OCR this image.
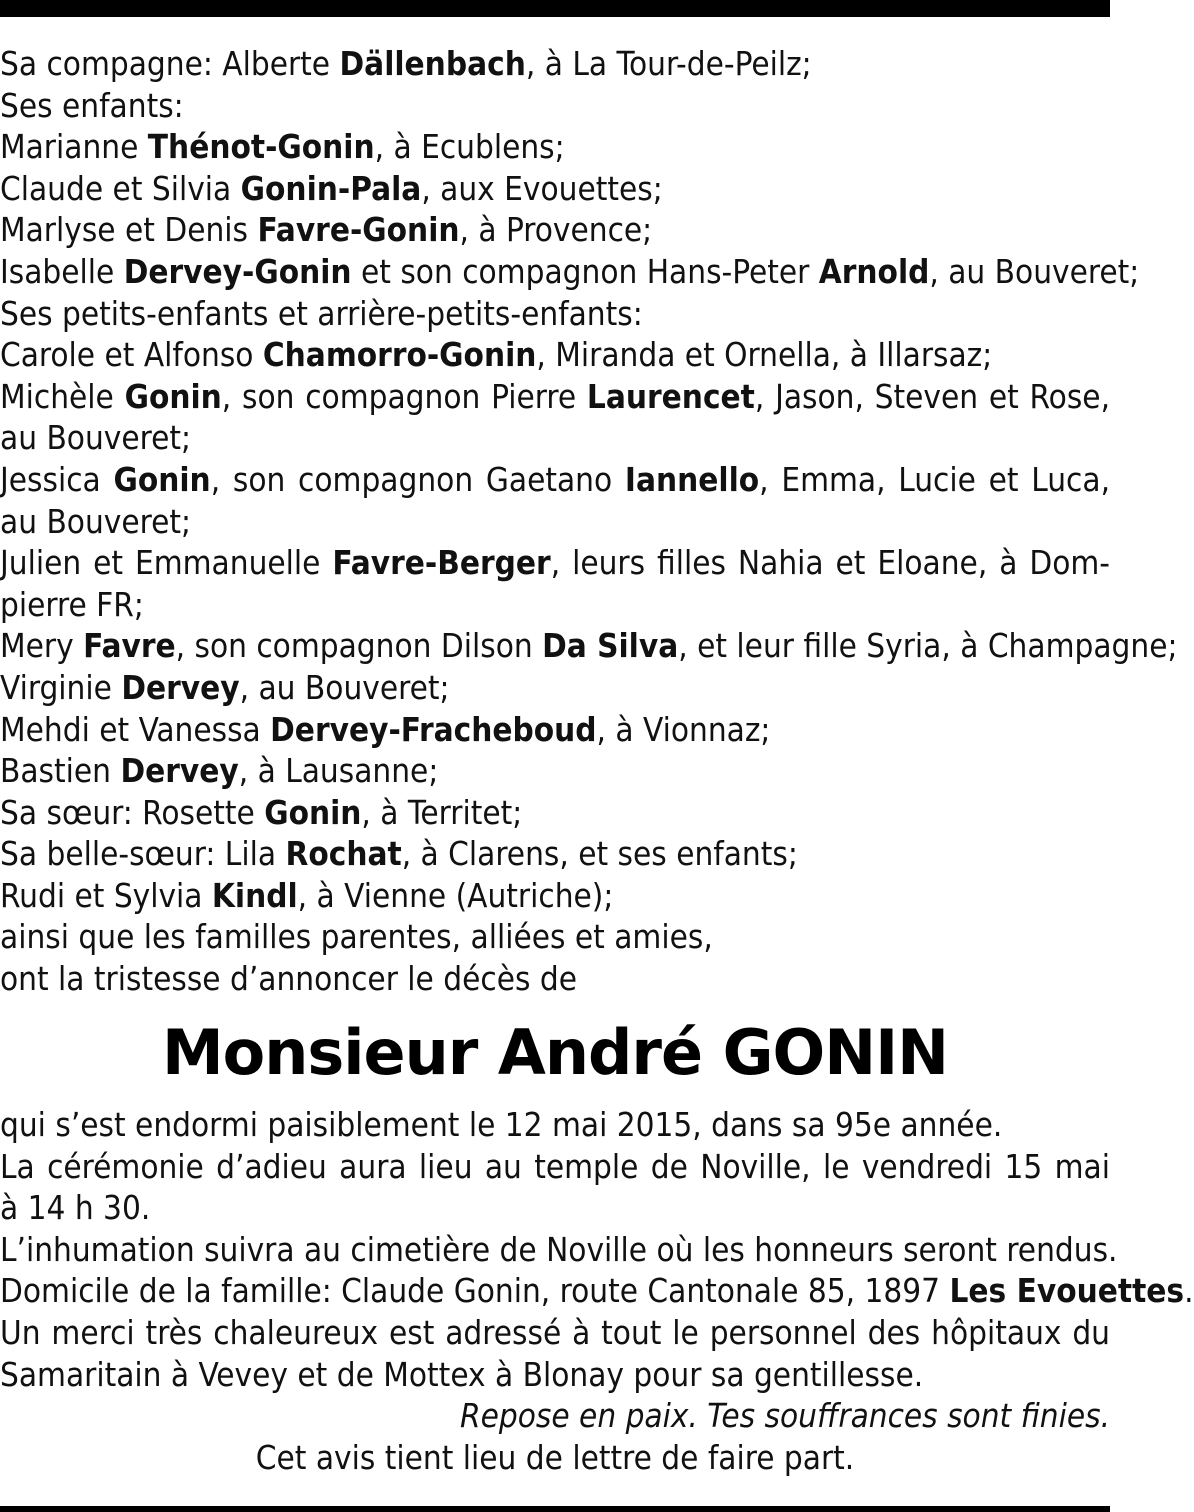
Sa compagne: Alberte Dällenbach, à La Tour-de-Peilz;
Ses enfants:
Marianne Thénot-Gonin, à Ecublens;
Claude et Silvia Gonin-Pala, aux Evouettes;
Marlyse et Denis Favre-Gonin, à Provence;
Isabelle Dervey-Gonin et son compagnon Hans-Peter Arnold, au Bouveret;
Ses petits-enfants et arrière-petits-enfants:
Carole et Alfonso Chamorro-Gonin, Miranda et Ornella, à Illarsaz;
Michèle Gonin, son compagnon Pierre Laurencet, Jason, Steven et Rose,
au Bouveret;
Jessica Gonin, son compagnon Gaetano Iannello, Emma, Lucie et Luca,
au Bouveret;
Julien et Emmanuelle Favre-Berger, leurs filles Nahia et Eloane, à Dom-
pierre FR;
Mery Favre, son compagnon Dilson Da Silva, et leur fille Syria, à Champagne;
Virginie Dervey, au Bouveret;
Mehdi et Vanessa Dervey-Fracheboud, à Vionnaz;
Bastien Dervey, à Lausanne;
Sa sœur: Rosette Gonin, à Territet;
Sa belle-sœur: Lila Rochat, à Clarens, et ses enfants;
Rudi et Sylvia Kindl, à Vienne (Autriche);
ainsi que les familles parentes, alliées et amies,
ont la tristesse d’annoncer le décès de
Monsieur André GONIN
qui s’est endormi paisiblement le 12 mai 2015, dans sa 95e année.
La cérémonie d’adieu aura lieu au temple de Noville, le vendredi 15 mai
à 14 h 30.
L’inhumation suivra au cimetière de Noville où les honneurs seront rendus.
Domicile de la famille: Claude Gonin, route Cantonale 85, 1897 Les Evouettes.
Un merci très chaleureux est adressé à tout le personnel des hôpitaux du
Samaritain à Vevey et de Mottex à Blonay pour sa gentillesse.
Repose en paix. Tes souffrances sont finies.
Cet avis tient lieu de lettre de faire part.
